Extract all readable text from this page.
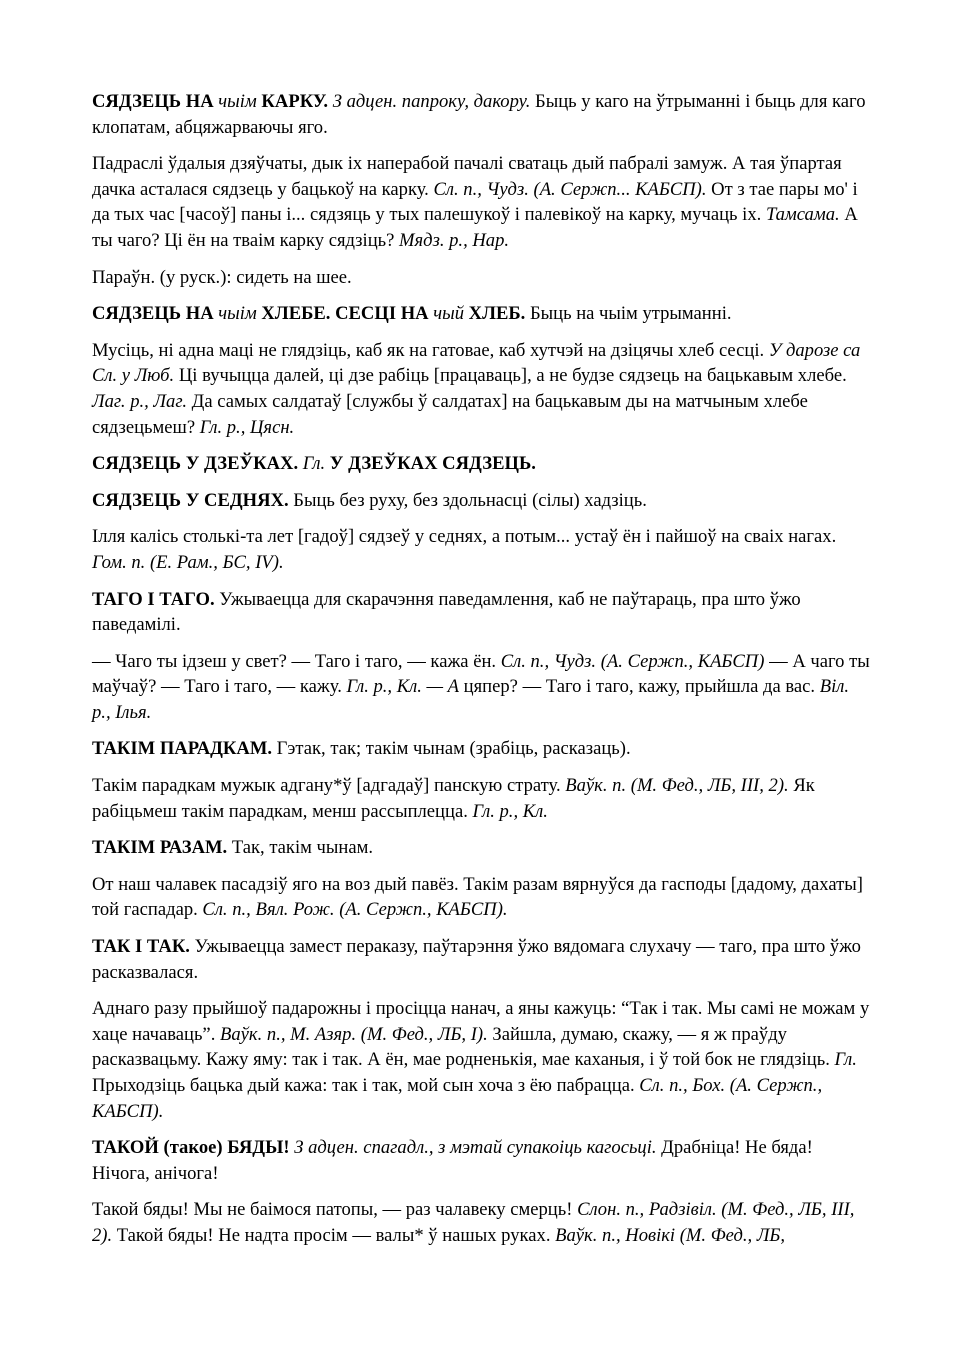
СЯДЗЕЦЬ НА чыім КАРКУ. З адцен. папроку, дакору. Быць у каго на ўтрыманні і быць для каго клопатам, абцяжарваючы яго.

Падраслі ўдалыя дзяўчаты, дык іх наперабой пачалі сватаць дый пабралі замуж. А тая ўпартая дачка асталася сядзець у бацькоў на карку. Сл. п., Чудз. (А. Сержп... КАБСП). От з тае пары мо' і да тых час [часоў] паны і... сядзяць у тых палешукоў і палевікоў на карку, мучаць іх. Тамсама. А ты чаго? Ці ён на тваім карку сядзіць? Мядз. р., Нар.

Параўн. (у руск.): сидеть на шее.

СЯДЗЕЦЬ НА чыім ХЛЕБЕ. СЕСЦІ НА чый ХЛЕБ. Быць на чыім утрыманні.

Мусіць, ні адна маці не глядзіць, каб як на гатовае, каб хутчэй на дзіцячы хлеб сесці. У дарозе са Сл. у Люб. Ці вучыцца далей, ці дзе рабіць [працаваць], а не будзе сядзець на бацькавым хлебе. Лаг. р., Лаг. Да самых салдатаў [службы ў салдатах] на бацькавым ды на матчыным хлебе сядзецьмеш? Гл. р., Цясн.

СЯДЗЕЦЬ У ДЗЕЎКАХ. Гл. У ДЗЕЎКАХ СЯДЗЕЦЬ.

СЯДЗЕЦЬ У СЕДНЯХ. Быць без руху, без здольнасці (сілы) хадзіць.

Ілля калісь столькі-та лет [гадоў] сядзеў у седнях, а потым... устаў ён і пайшоў на сваіх нагах. Гом. п. (Е. Рам., БС, IV).

ТАГО І ТАГО. Ужываецца для скарачэння паведамлення, каб не паўтараць, пра што ўжо паведамілі.

— Чаго ты ідзеш у свет? — Таго і таго, — кажа ён. Сл. п., Чудз. (А. Сержп., КАБСП) — А чаго ты маўчаў? — Таго і таго, — кажу. Гл. р., Кл. — А цяпер? — Таго і таго, кажу, прыйшла да вас. Віл. р., Ілья.

ТАКІМ ПАРАДКАМ. Гэтак, так; такім чынам (зрабіць, расказаць).

Такім парадкам мужык адгану*ў [адгадаў] панскую страту. Ваўк. п. (М. Фед., ЛБ, III, 2). Як рабіцьмеш такім парадкам, менш рассыплецца. Гл. р., Кл.

ТАКІМ РАЗАМ. Так, такім чынам.

От наш чалавек пасадзіў яго на воз дый павёз. Такім разам вярнуўся да гасподы [дадому, дахаты] той гаспадар. Сл. п., Вял. Рож. (А. Сержп., КАБСП).

ТАК І ТАК. Ужываецца замест пераказу, паўтарэння ўжо вядомага слухачу — таго, пра што ўжо расказвалася.

Аднаго разу прыйшоў падарожны і просіцца нанач, а яны кажуць: “Так і так. Мы самі не можам у хаце начаваць”. Ваўк. п., М. Азяр. (М. Фед., ЛБ, I). Зайшла, думаю, скажу, — я ж праўду расказвацьму. Кажу яму: так і так. А ён, мае родненькія, мае каханыя, і ў той бок не глядзіць. Гл. Прыходзіць бацька дый кажа: так і так, мой сын хоча з ёю пабрацца. Сл. п., Бох. (А. Сержп., КАБСП).

ТАКОЙ (такое) БЯДЫ! З адцен. спагадл., з мэтай супакоіць кагосьці. Драбніца! Не бяда! Нічога, анічога!

Такой бяды! Мы не баімося патопы, — раз чалавеку смерць! Слон. п., Радзівіл. (М. Фед., ЛБ, III, 2). Такой бяды! Не надта просім — валы* ў нашых руках. Ваўк. п., Новікі (М. Фед., ЛБ,
